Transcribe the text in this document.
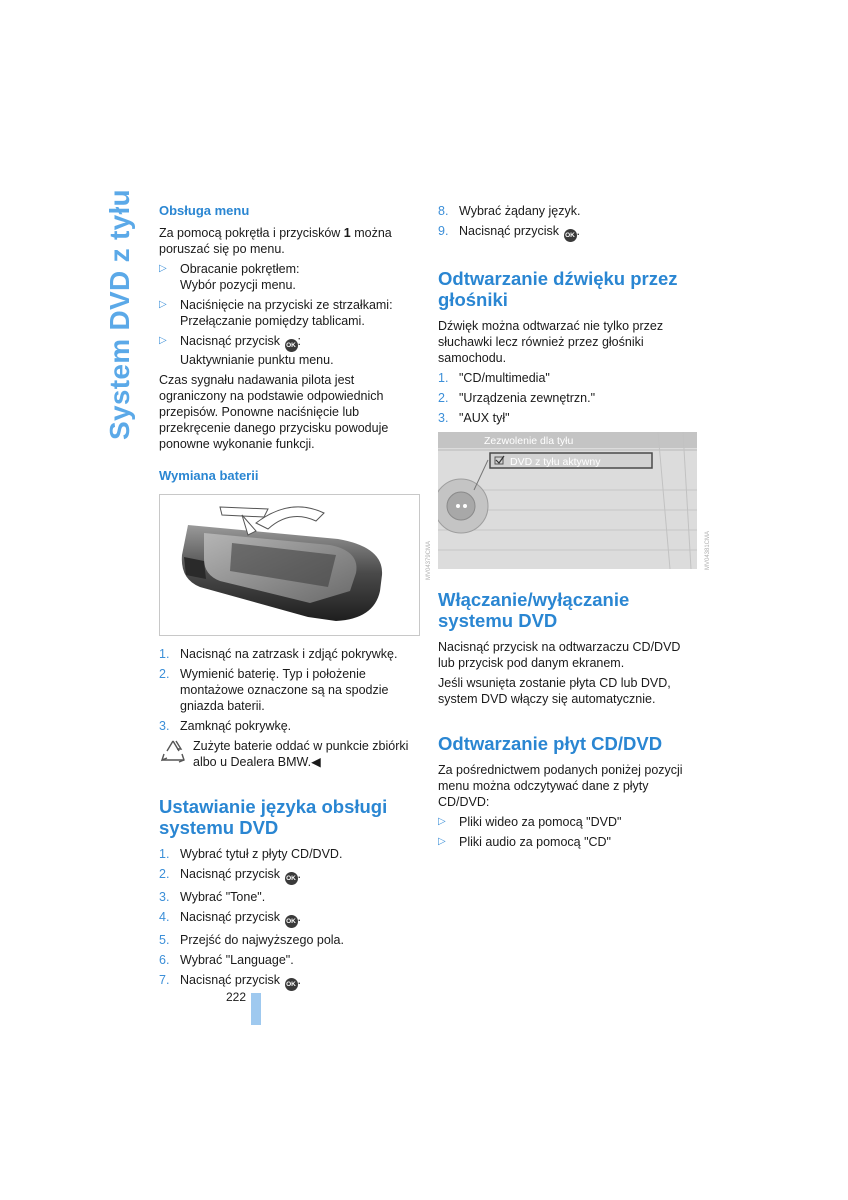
System DVD z tyłu Obsługa menu

Za pomocą pokrętła i przycisków 1 można poruszać się po menu.

▷ Obracanie pokrętłem:
Wybór pozycji menu.
▷ Naciśnięcie na przyciski ze strzałkami:
Przełączanie pomiędzy tablicami.
▷ Nacisnąć przycisk OK :
Uaktywnianie punktu menu.

Czas sygnału nadawania pilota jest ograniczony na podstawie odpowiednich przepisów. Ponowne naciśnięcie lub przekręcenie danego przycisku powoduje ponowne wykonanie funkcji.

Wymiana baterii
1. Nacisnąć na zatrzask i zdjąć pokrywkę.
2. Wymienić baterię. Typ i położenie montażowe oznaczone są na spodzie gniazda baterii.
3. Zamknąć pokrywkę.
Zużyte baterie oddać w punkcie zbiórki albo u Dealera BMW.◀
Ustawianie języka obsługi systemu DVD
1. Wybrać tytuł z płyty CD/DVD.
2. Nacisnąć przycisk OK .
3. Wybrać "Tone".
4. Nacisnąć przycisk OK .
5. Przejść do najwyższego pola.
6. Wybrać "Language".
7. Nacisnąć przycisk OK .
MV04379CMA
8. Wybrać żądany język.
9. Nacisnąć przycisk OK .
Odtwarzanie dźwięku przez głośniki

Dźwięk można odtwarzać nie tylko przez słuchawki lecz również przez głośniki samochodu.

1. "CD/multimedia"
2. "Urządzenia zewnętrzn."
3. "AUX tył"
Zezwolenie dla tyłu
DVD z tyłu aktywny
Włączanie/wyłączanie systemu DVD

Nacisnąć przycisk na odtwarzaczu CD/DVD lub przycisk pod danym ekranem.

Jeśli wsunięta zostanie płyta CD lub DVD, system DVD włączy się automatycznie.

Odtwarzanie płyt CD/DVD

Za pośrednictwem podanych poniżej pozycji menu można odczytywać dane z płyty CD/DVD:

▷ Pliki wideo za pomocą "DVD"
▷ Pliki audio za pomocą "CD"
MV04381CMA
222
